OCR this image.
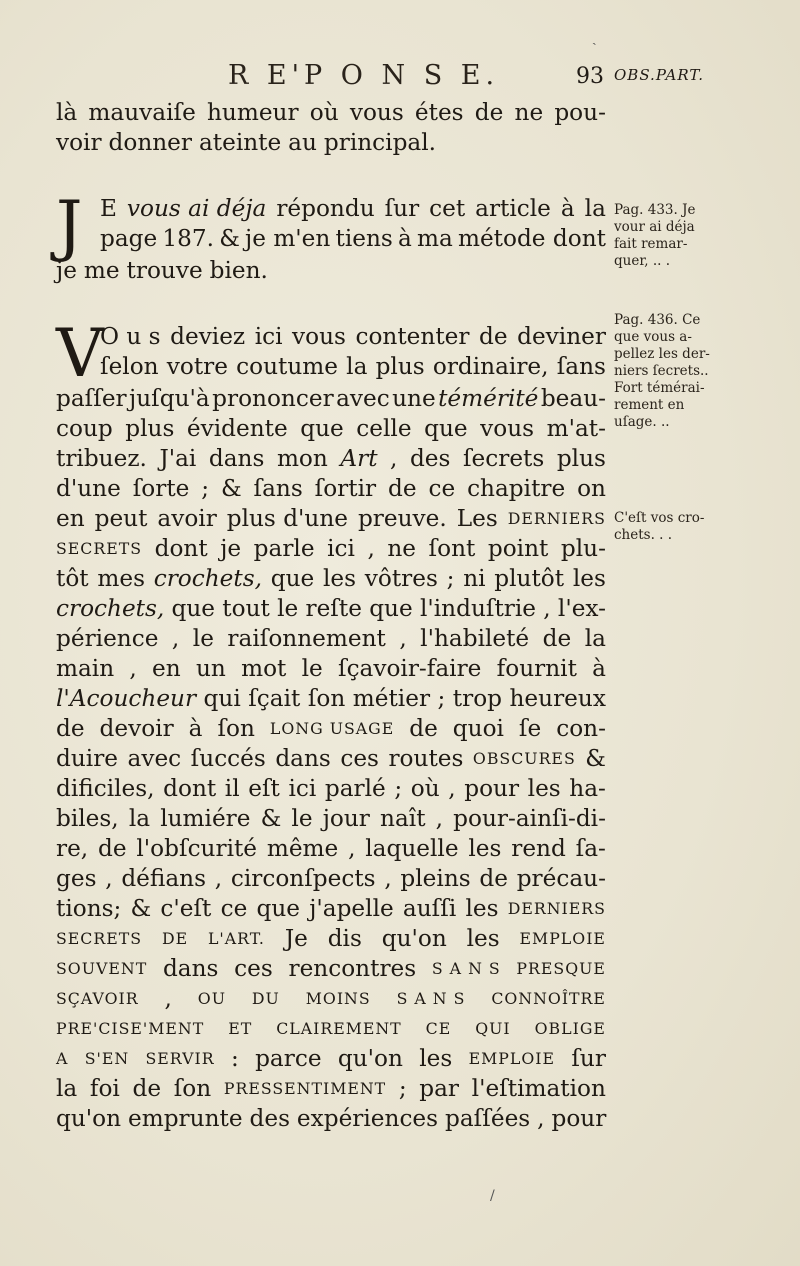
R E'P O N S E.	93 OBS.PART.
là mauvaiſe humeur où vous étes de ne pou-
voir donner ateinte au principal.
J E vous ai déja répondu ſur cet article à la
page 187. & je m'en tiens à ma métode dont
je me trouve bien.
V
O u s deviez ici vous contenter de deviner
ſelon votre coutume la plus ordinaire, ſans
paſſer juſqu'à prononcer avec une témérité beau-
coup plus évidente que celle que vous m'at-
tribuez. J'ai dans mon Art , des ſecrets plus
d'une ſorte ; & ſans ſortir de ce chapitre on
en peut avoir plus d'une preuve. Les DERNIERS
SECRETS dont je parle ici , ne ſont point plu-
tôt mes crochets, que les vôtres ; ni plutôt les
crochets, que tout le reſte que l'induſtrie , l'ex-
périence , le raiſonnement , l'habileté de la
main , en un mot le ſçavoir-faire fournit à
l'Acoucheur qui ſçait ſon métier ; trop heureux
de devoir à ſon LONG USAGE de quoi ſe con-
duire avec ſuccés dans ces routes OBSCURES &
dificiles, dont il eſt ici parlé ; où , pour les ha-
biles, la lumiére & le jour naît , pour-ainſi-di-
re, de l'obſcurité même , laquelle les rend ſa-
ges , défians , circonſpects , pleins de précau-
tions; & c'eſt ce que j'apelle auſſi les DERNIERS
SECRETS DE L'ART. Je dis qu'on les EMPLOIE
SOUVENT dans ces rencontres S A N S PRESQUE
SÇAVOIR , OU DU MOINS S A N S CONNOÎTRE
PRE'CISE'MENT ET CLAIREMENT CE QUI OBLIGE
A S'EN SERVIR : parce qu'on les EMPLOIE ſur
la foi de ſon PRESSENTIMENT ; par l'eſtimation
qu'on emprunte des expériences paſſées , pour
Pag. 433. Je
vour ai déja
fait remar-
quer, .. .
Pag. 436. Ce
que vous a-
pellez les der-
niers ſecrets..
Fort témérai-
rement en
uſage. ..
C'eſt vos cro-
chets. . .
ˏ
/
